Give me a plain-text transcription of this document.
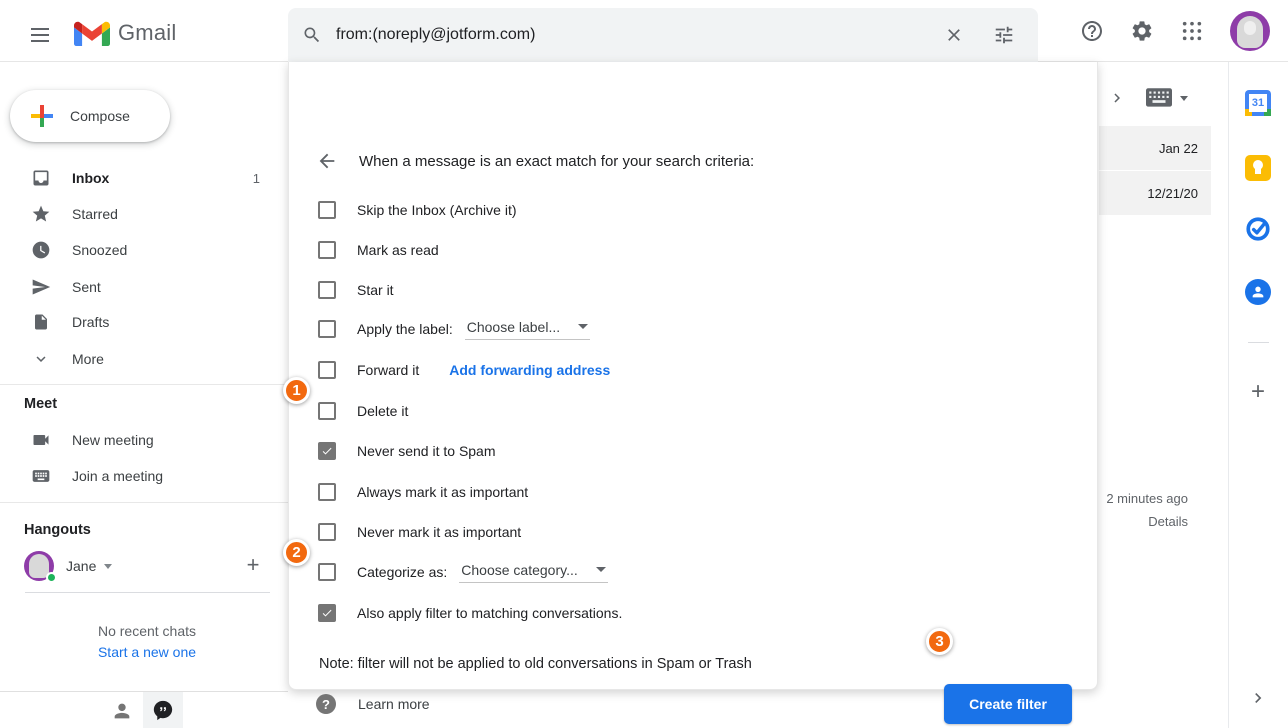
Gmail	from:(noreply@jotform.com)
Compose
Inbox	1
Starred
Snoozed
Sent
Drafts
More
Meet
New meeting
Join a meeting
Hangouts
Jane	+
No recent chats
Start a new one
Jan 22
12/21/20
2 minutes ago
Details
31
+
When a message is an exact match for your search criteria:
Skip the Inbox (Archive it)
Mark as read
Star it
Apply the label: Choose label...
Forward it Add forwarding address
Delete it
Never send it to Spam
Always mark it as important
Never mark it as important
Categorize as: Choose category...
Also apply filter to matching conversations.
Note: filter will not be applied to old conversations in Spam or Trash
?	Learn more	Create filter
1
2
3
